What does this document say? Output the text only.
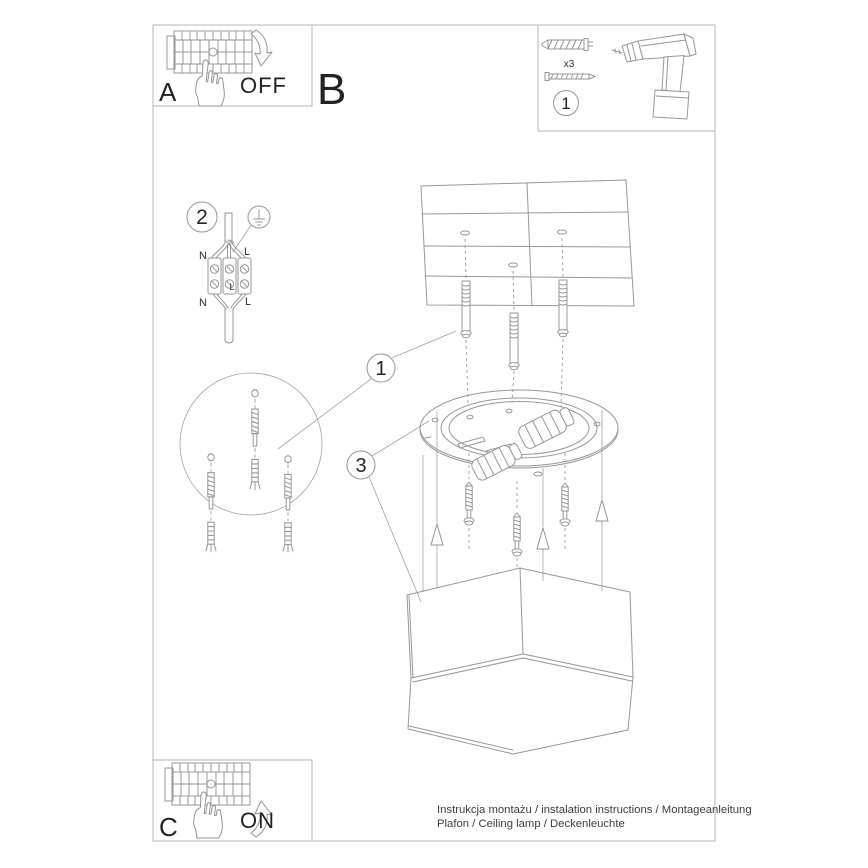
A	OFF B
x3
1
2
N	L
L
N	L
1
3
C	ON	Instrukcja montażu / instalation instructions / Montageanleitung
Plafon / Ceiling lamp / Deckenleuchte
